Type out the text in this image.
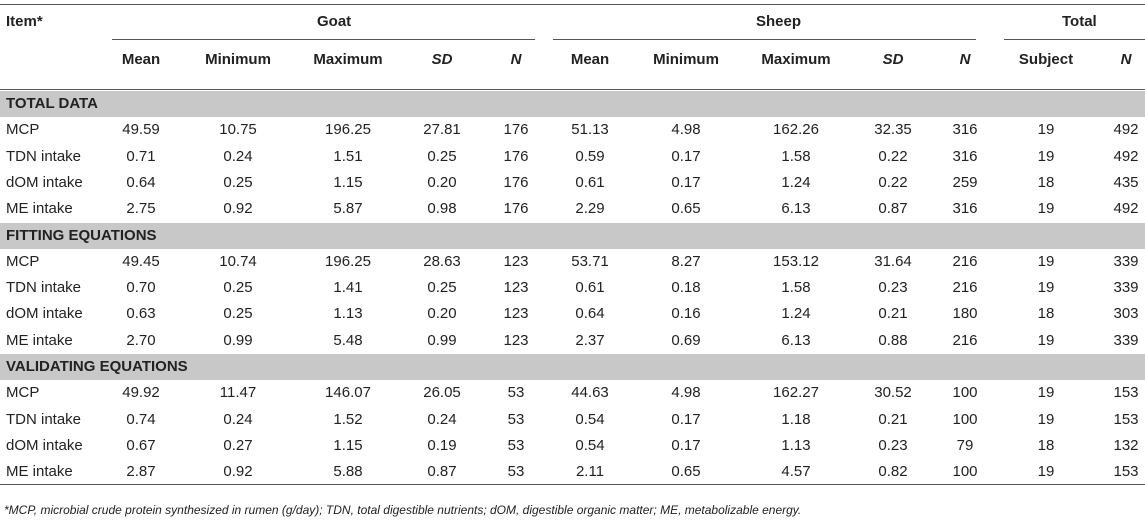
Item*	Goat	Sheep	Total
Mean	Minimum	Maximum	SD	N	Mean	Minimum	Maximum	SD	N	Subject	N
TOTAL DATA
MCP	49.59	10.75	196.25	27.81	176	51.13	4.98	162.26	32.35	316	19	492
TDN intake	0.71	0.24	1.51	0.25	176	0.59	0.17	1.58	0.22	316	19	492
dOM intake	0.64	0.25	1.15	0.20	176	0.61	0.17	1.24	0.22	259	18	435
ME intake	2.75	0.92	5.87	0.98	176	2.29	0.65	6.13	0.87	316	19	492
FITTING EQUATIONS
MCP	49.45	10.74	196.25	28.63	123	53.71	8.27	153.12	31.64	216	19	339
TDN intake	0.70	0.25	1.41	0.25	123	0.61	0.18	1.58	0.23	216	19	339
dOM intake	0.63	0.25	1.13	0.20	123	0.64	0.16	1.24	0.21	180	18	303
ME intake	2.70	0.99	5.48	0.99	123	2.37	0.69	6.13	0.88	216	19	339
VALIDATING EQUATIONS
MCP	49.92	11.47	146.07	26.05	53	44.63	4.98	162.27	30.52	100	19	153
TDN intake	0.74	0.24	1.52	0.24	53	0.54	0.17	1.18	0.21	100	19	153
dOM intake	0.67	0.27	1.15	0.19	53	0.54	0.17	1.13	0.23	79	18	132
ME intake	2.87	0.92	5.88	0.87	53	2.11	0.65	4.57	0.82	100	19	153
*MCP, microbial crude protein synthesized in rumen (g/day); TDN, total digestible nutrients; dOM, digestible organic matter; ME, metabolizable energy.
